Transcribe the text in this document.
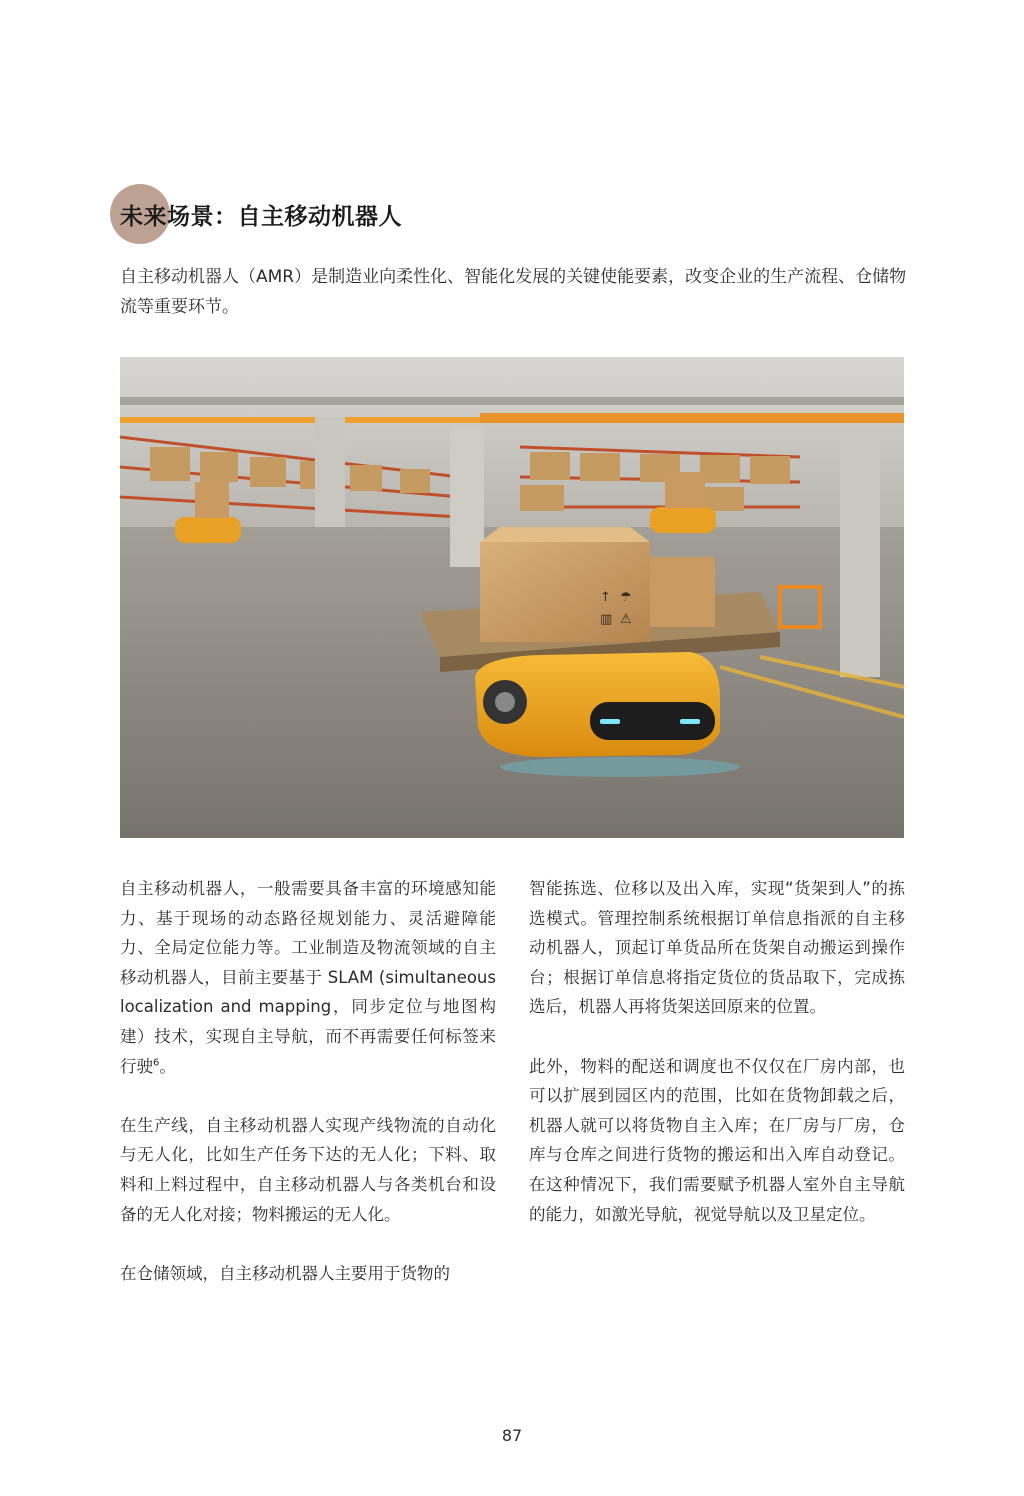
未来场景：自主移动机器人

自主移动机器人（AMR）是制造业向柔性化、智能化发展的关键使能要素，改变企业的生产流程、仓储物流等重要环节。

↑ ☂
▥ ⚠

自主移动机器人，一般需要具备丰富的环境感知能力、基于现场的动态路径规划能力、灵活避障能力、全局定位能力等。工业制造及物流领域的自主移动机器人，目前主要基于 SLAM (simultaneous localization and mapping，同步定位与地图构建）技术，实现自主导航，而不再需要任何标签来行驶$^6$。

在生产线，自主移动机器人实现产线物流的自动化与无人化，比如生产任务下达的无人化；下料、取料和上料过程中，自主移动机器人与各类机台和设备的无人化对接；物料搬运的无人化。

在仓储领域，自主移动机器人主要用于货物的

智能拣选、位移以及出入库，实现“货架到人”的拣选模式。管理控制系统根据订单信息指派的自主移动机器人，顶起订单货品所在货架自动搬运到操作台；根据订单信息将指定货位的货品取下，完成拣选后，机器人再将货架送回原来的位置。

此外，物料的配送和调度也不仅仅在厂房内部，也可以扩展到园区内的范围，比如在货物卸载之后，机器人就可以将货物自主入库；在厂房与厂房，仓库与仓库之间进行货物的搬运和出入库自动登记。在这种情况下，我们需要赋予机器人室外自主导航的能力，如激光导航，视觉导航以及卫星定位。

87
